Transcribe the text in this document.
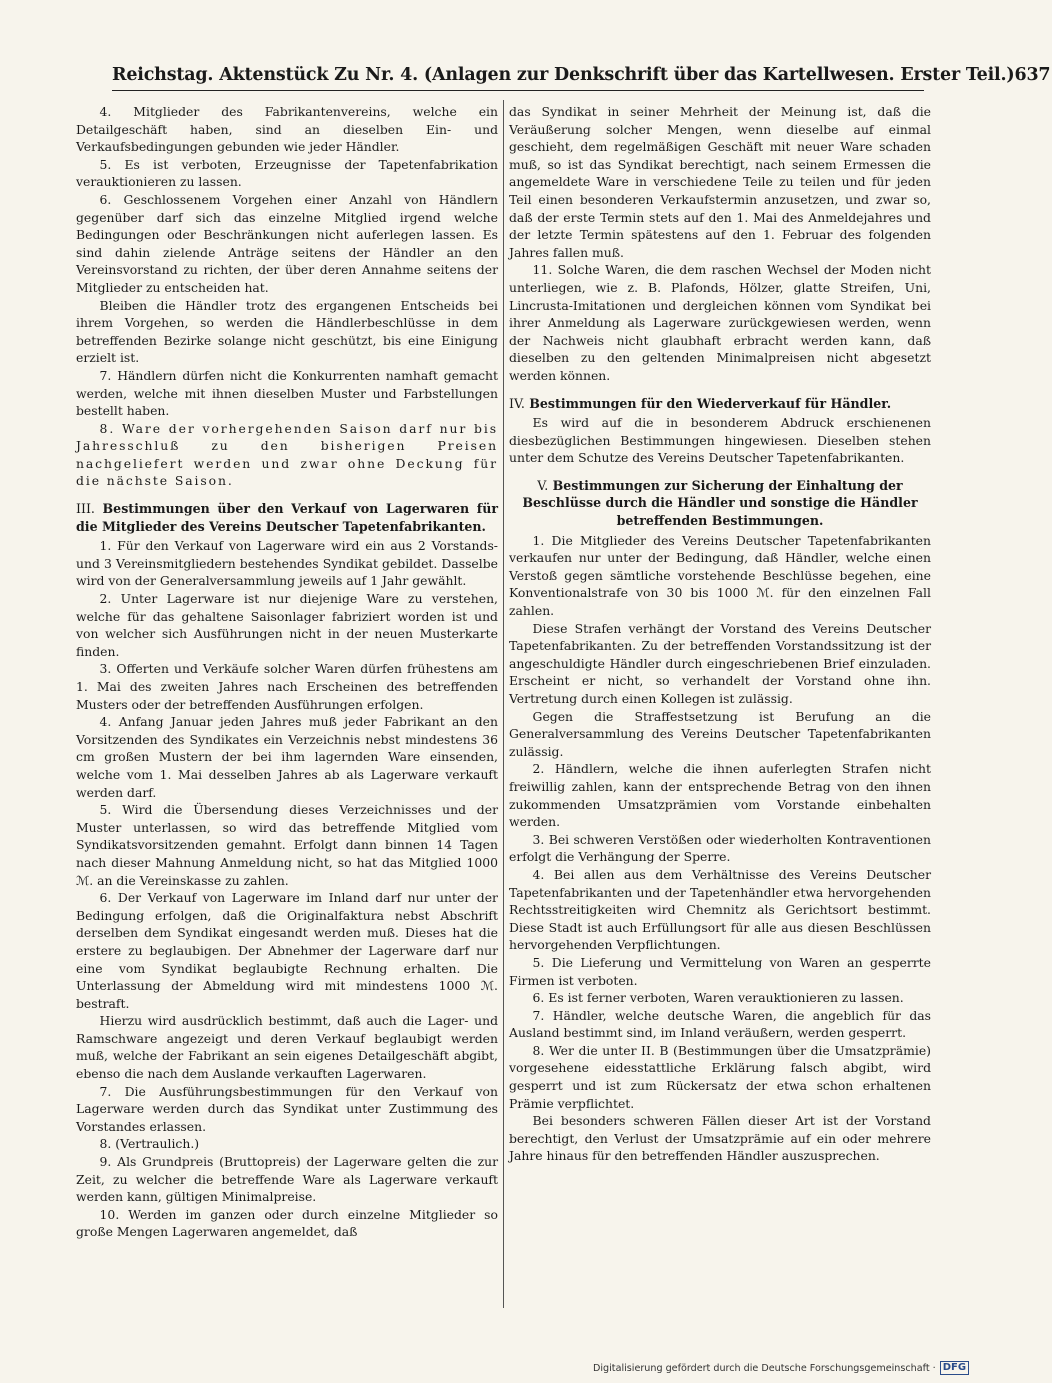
Reichstag. Aktenstück Zu Nr. 4. (Anlagen zur Denkschrift über das Kartellwesen. Erster Teil.) 637

4. Mitglieder des Fabrikantenvereins, welche ein Detailgeschäft haben, sind an dieselben Ein- und Verkaufsbedingungen gebunden wie jeder Händler.

5. Es ist verboten, Erzeugnisse der Tapetenfabrikation verauktionieren zu lassen.

6. Geschlossenem Vorgehen einer Anzahl von Händlern gegenüber darf sich das einzelne Mitglied irgend welche Bedingungen oder Beschränkungen nicht auferlegen lassen. Es sind dahin zielende Anträge seitens der Händler an den Vereinsvorstand zu richten, der über deren Annahme seitens der Mitglieder zu entscheiden hat.

Bleiben die Händler trotz des ergangenen Entscheids bei ihrem Vorgehen, so werden die Händlerbeschlüsse in dem betreffenden Bezirke solange nicht geschützt, bis eine Einigung erzielt ist.

7. Händlern dürfen nicht die Konkurrenten namhaft gemacht werden, welche mit ihnen dieselben Muster und Farbstellungen bestellt haben.

8. Ware der vorhergehenden Saison darf nur bis Jahresschluß zu den bisherigen Preisen nachgeliefert werden und zwar ohne Deckung für die nächste Saison.

III. Bestimmungen über den Verkauf von Lagerwaren für die Mitglieder des Vereins Deutscher Tapetenfabrikanten.

1. Für den Verkauf von Lagerware wird ein aus 2 Vorstands- und 3 Vereinsmitgliedern bestehendes Syndikat gebildet. Dasselbe wird von der Generalversammlung jeweils auf 1 Jahr gewählt.

2. Unter Lagerware ist nur diejenige Ware zu verstehen, welche für das gehaltene Saisonlager fabriziert worden ist und von welcher sich Ausführungen nicht in der neuen Musterkarte finden.

3. Offerten und Verkäufe solcher Waren dürfen frühestens am 1. Mai des zweiten Jahres nach Erscheinen des betreffenden Musters oder der betreffenden Ausführungen erfolgen.

4. Anfang Januar jeden Jahres muß jeder Fabrikant an den Vorsitzenden des Syndikates ein Verzeichnis nebst mindestens 36 cm großen Mustern der bei ihm lagernden Ware einsenden, welche vom 1. Mai desselben Jahres ab als Lagerware verkauft werden darf.

5. Wird die Übersendung dieses Verzeichnisses und der Muster unterlassen, so wird das betreffende Mitglied vom Syndikatsvorsitzenden gemahnt. Erfolgt dann binnen 14 Tagen nach dieser Mahnung Anmeldung nicht, so hat das Mitglied 1000 ℳ. an die Vereinskasse zu zahlen.

6. Der Verkauf von Lagerware im Inland darf nur unter der Bedingung erfolgen, daß die Originalfaktura nebst Abschrift derselben dem Syndikat eingesandt werden muß. Dieses hat die erstere zu beglaubigen. Der Abnehmer der Lagerware darf nur eine vom Syndikat beglaubigte Rechnung erhalten. Die Unterlassung der Abmeldung wird mit mindestens 1000 ℳ. bestraft.

Hierzu wird ausdrücklich bestimmt, daß auch die Lager- und Ramschware angezeigt und deren Verkauf beglaubigt werden muß, welche der Fabrikant an sein eigenes Detailgeschäft abgibt, ebenso die nach dem Auslande verkauften Lagerwaren.

7. Die Ausführungsbestimmungen für den Verkauf von Lagerware werden durch das Syndikat unter Zustimmung des Vorstandes erlassen.

8. (Vertraulich.)

9. Als Grundpreis (Bruttopreis) der Lagerware gelten die zur Zeit, zu welcher die betreffende Ware als Lagerware verkauft werden kann, gültigen Minimalpreise.

10. Werden im ganzen oder durch einzelne Mitglieder so große Mengen Lagerwaren angemeldet, daß

das Syndikat in seiner Mehrheit der Meinung ist, daß die Veräußerung solcher Mengen, wenn dieselbe auf einmal geschieht, dem regelmäßigen Geschäft mit neuer Ware schaden muß, so ist das Syndikat berechtigt, nach seinem Ermessen die angemeldete Ware in verschiedene Teile zu teilen und für jeden Teil einen besonderen Verkaufstermin anzusetzen, und zwar so, daß der erste Termin stets auf den 1. Mai des Anmeldejahres und der letzte Termin spätestens auf den 1. Februar des folgenden Jahres fallen muß.

11. Solche Waren, die dem raschen Wechsel der Moden nicht unterliegen, wie z. B. Plafonds, Hölzer, glatte Streifen, Uni, Lincrusta-Imitationen und dergleichen können vom Syndikat bei ihrer Anmeldung als Lagerware zurückgewiesen werden, wenn der Nachweis nicht glaubhaft erbracht werden kann, daß dieselben zu den geltenden Minimalpreisen nicht abgesetzt werden können.

IV. Bestimmungen für den Wiederverkauf für Händler.

Es wird auf die in besonderem Abdruck erschienenen diesbezüglichen Bestimmungen hingewiesen. Dieselben stehen unter dem Schutze des Vereins Deutscher Tapetenfabrikanten.

V. Bestimmungen zur Sicherung der Einhaltung der Beschlüsse durch die Händler und sonstige die Händler betreffenden Bestimmungen.

1. Die Mitglieder des Vereins Deutscher Tapetenfabrikanten verkaufen nur unter der Bedingung, daß Händler, welche einen Verstoß gegen sämtliche vorstehende Beschlüsse begehen, eine Konventionalstrafe von 30 bis 1000 ℳ. für den einzelnen Fall zahlen.

Diese Strafen verhängt der Vorstand des Vereins Deutscher Tapetenfabrikanten. Zu der betreffenden Vorstandssitzung ist der angeschuldigte Händler durch eingeschriebenen Brief einzuladen. Erscheint er nicht, so verhandelt der Vorstand ohne ihn. Vertretung durch einen Kollegen ist zulässig.

Gegen die Straffestsetzung ist Berufung an die Generalversammlung des Vereins Deutscher Tapetenfabrikanten zulässig.

2. Händlern, welche die ihnen auferlegten Strafen nicht freiwillig zahlen, kann der entsprechende Betrag von den ihnen zukommenden Umsatzprämien vom Vorstande einbehalten werden.

3. Bei schweren Verstößen oder wiederholten Kontraventionen erfolgt die Verhängung der Sperre.

4. Bei allen aus dem Verhältnisse des Vereins Deutscher Tapetenfabrikanten und der Tapetenhändler etwa hervorgehenden Rechtsstreitigkeiten wird Chemnitz als Gerichtsort bestimmt. Diese Stadt ist auch Erfüllungsort für alle aus diesen Beschlüssen hervorgehenden Verpflichtungen.

5. Die Lieferung und Vermittelung von Waren an gesperrte Firmen ist verboten.

6. Es ist ferner verboten, Waren verauktionieren zu lassen.

7. Händler, welche deutsche Waren, die angeblich für das Ausland bestimmt sind, im Inland veräußern, werden gesperrt.

8. Wer die unter II. B (Bestimmungen über die Umsatzprämie) vorgesehene eidesstattliche Erklärung falsch abgibt, wird gesperrt und ist zum Rückersatz der etwa schon erhaltenen Prämie verpflichtet.

Bei besonders schweren Fällen dieser Art ist der Vorstand berechtigt, den Verlust der Umsatzprämie auf ein oder mehrere Jahre hinaus für den betreffenden Händler auszusprechen.

Digitalisierung gefördert durch die Deutsche Forschungsgemeinschaft · DFG
